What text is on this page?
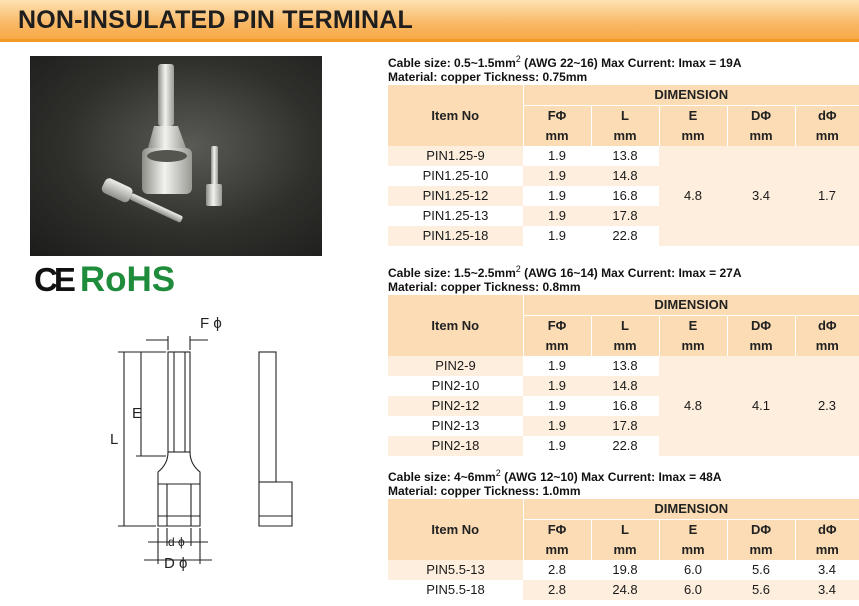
NON-INSULATED PIN TERMINAL
CE RoHS
F ϕ
E
L
d ϕ
D ϕ
Cable size: $0.5\sim 1.5mm^2$ (AWG 22~16) Max Current: Imax = 19A
Material: copper Tickness: 0.75mm
Item No	DIMENSION				
	FΦ	L	E	DΦ	dΦ
	mm	mm	mm	mm	mm
PIN1.25-9	1.9	13.8	4.8	3.4	1.7
PIN1.25-10	1.9	14.8			
PIN1.25-12	1.9	16.8			
PIN1.25-13	1.9	17.8			
PIN1.25-18	1.9	22.8			
Cable size: $1.5\sim 2.5mm^2$ (AWG 16~14) Max Current: Imax = 27A
Material: copper Tickness: 0.8mm
Item No	DIMENSION				
	FΦ	L	E	DΦ	dΦ
	mm	mm	mm	mm	mm
PIN2-9	1.9	13.8	4.8	4.1	2.3
PIN2-10	1.9	14.8			
PIN2-12	1.9	16.8			
PIN2-13	1.9	17.8			
PIN2-18	1.9	22.8			
Cable size: $4\sim 6mm^2$ (AWG 12~10) Max Current: Imax = 48A
Material: copper Tickness: 1.0mm
Item No	DIMENSION				
	FΦ	L	E	DΦ	dΦ
	mm	mm	mm	mm	mm
PIN5.5-13	2.8	19.8	6.0	5.6	3.4
PIN5.5-18	2.8	24.8	6.0	5.6	3.4
